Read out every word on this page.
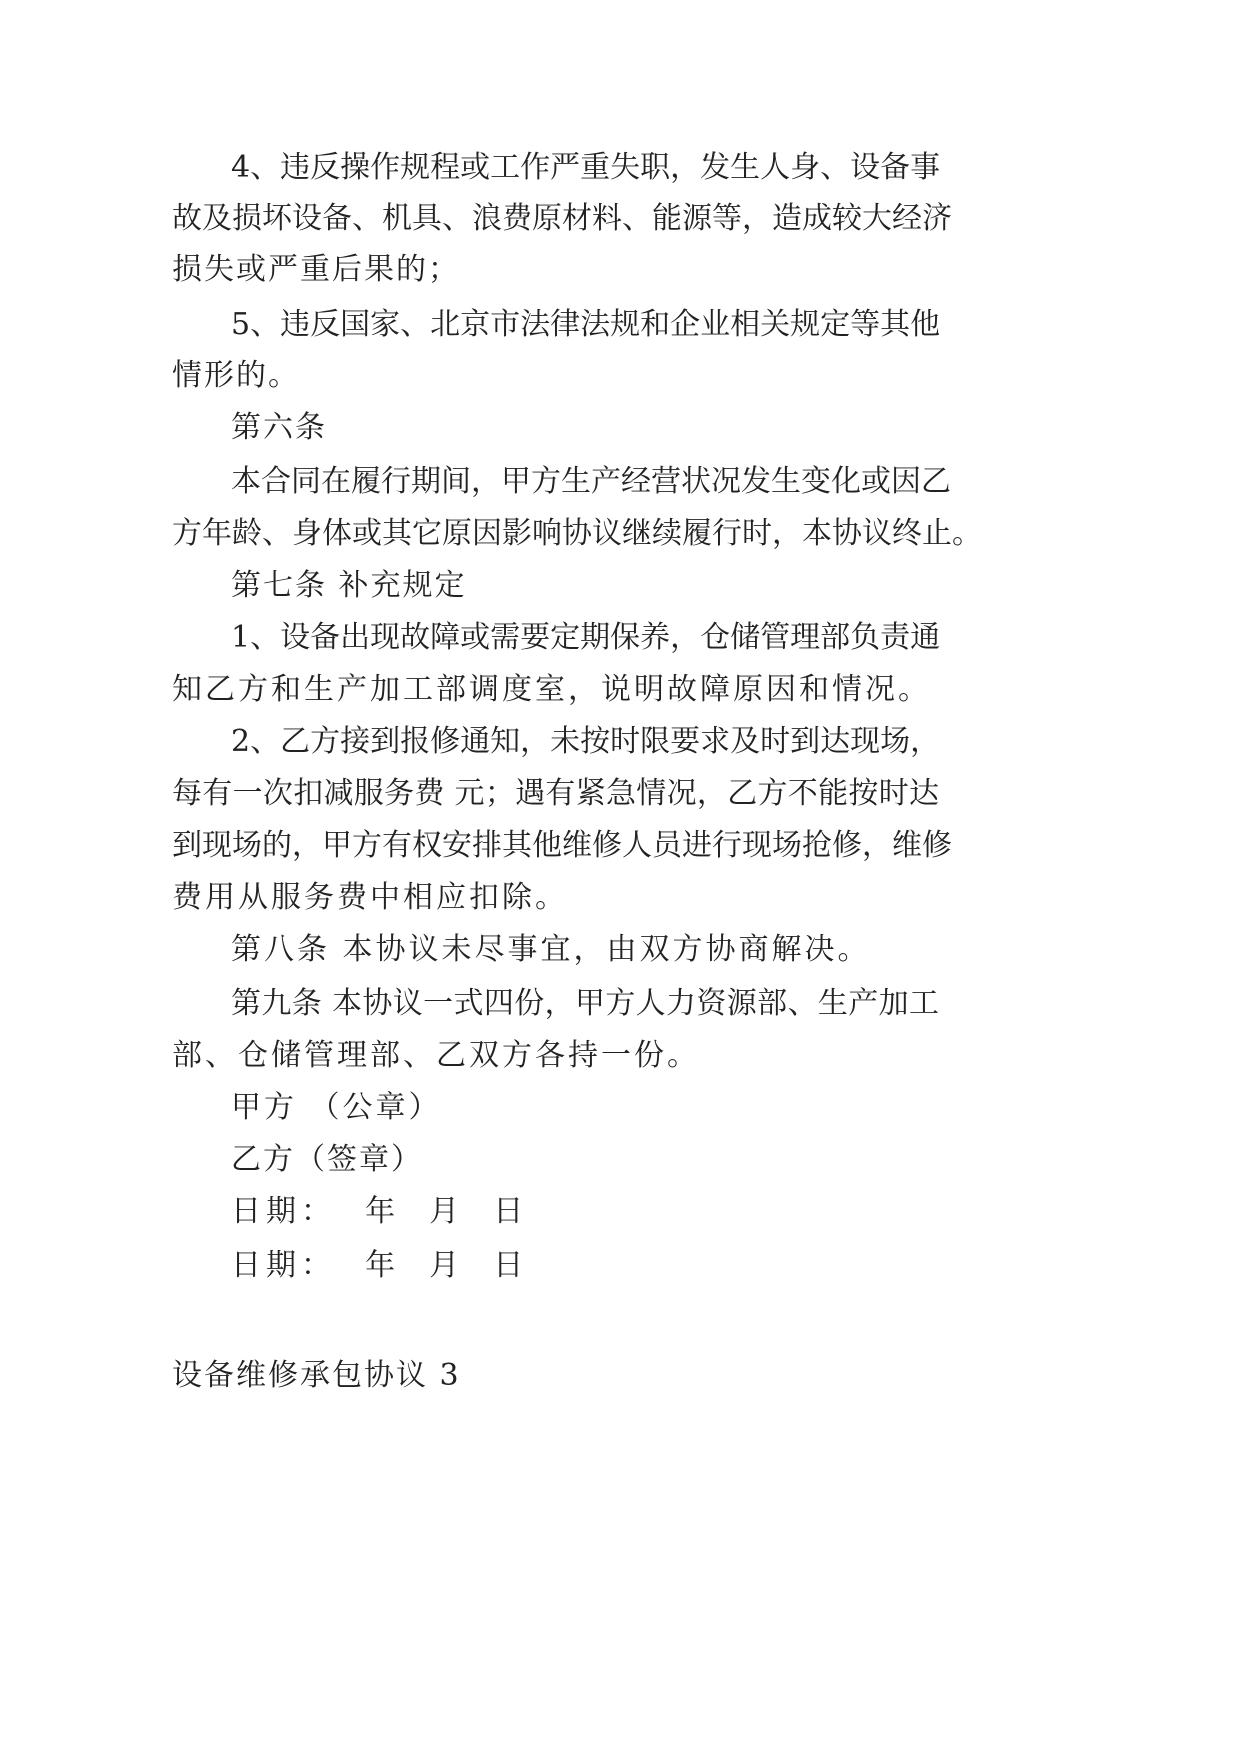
4、违反操作规程或工作严重失职，发生人身、设备事
故及损坏设备、机具、浪费原材料、能源等，造成较大经济
损失或严重后果的；
5、违反国家、北京市法律法规和企业相关规定等其他
情形的。
第六条
本合同在履行期间，甲方生产经营状况发生变化或因乙
方年龄、身体或其它原因影响协议继续履行时，本协议终止。
第七条 补充规定
1、设备出现故障或需要定期保养，仓储管理部负责通
知乙方和生产加工部调度室，说明故障原因和情况。
2、乙方接到报修通知，未按时限要求及时到达现场，
每有一次扣减服务费 元；遇有紧急情况，乙方不能按时达
到现场的，甲方有权安排其他维修人员进行现场抢修，维修
费用从服务费中相应扣除。
第八条 本协议未尽事宜，由双方协商解决。
第九条 本协议一式四份，甲方人力资源部、生产加工
部、仓储管理部、乙双方各持一份。
甲方 （公章）
乙方（签章）
日期：  年  月  日
日期：  年  月  日
设备维修承包协议 3
